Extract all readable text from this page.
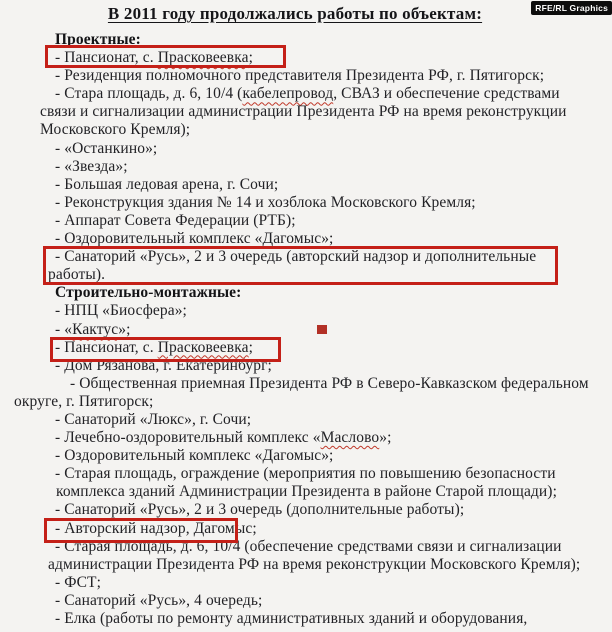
В 2011 году продолжались работы по объектам:	RFE/RL Graphics
Проектные:
- Пансионат, с. Прасковеевка;
- Резиденция полномочного представителя Президента РФ, г. Пятигорск;
- Стара площадь, д. 6, 10/4 (кабелепровод, СВАЗ и обеспечение средствами
связи и сигнализации администрации Президента РФ на время реконструкции
Московского Кремля);
- «Останкино»;
- «Звезда»;
- Большая ледовая арена, г. Сочи;
- Реконструкция здания № 14 и хозблока Московского Кремля;
- Аппарат Совета Федерации (РТБ);
- Оздоровительный комплекс «Дагомыс»;
- Санаторий «Русь», 2 и 3 очередь (авторский надзор и дополнительные
работы).
Строительно-монтажные:
- НПЦ «Биосфера»;
- «Кактус»;
- Пансионат, с. Прасковеевка;
- Дом Рязанова, г. Екатеринбург;
- Общественная приемная Президента РФ в Северо-Кавказском федеральном
округе, г. Пятигорск;
- Санаторий «Люкс», г. Сочи;
- Лечебно-оздоровительный комплекс «Маслово»;
- Оздоровительный комплекс «Дагомыс»;
- Старая площадь, ограждение (мероприятия по повышению безопасности
комплекса зданий Администрации Президента в районе Старой площади);
- Санаторий «Русь», 2 и 3 очередь (дополнительные работы);
- Авторский надзор, Дагомыс;
- Старая площадь, д. 6, 10/4 (обеспечение средствами связи и сигнализации
администрации Президента РФ на время реконструкции Московского Кремля);
- ФСТ;
- Санаторий «Русь», 4 очередь;
- Елка (работы по ремонту административных зданий и оборудования,
